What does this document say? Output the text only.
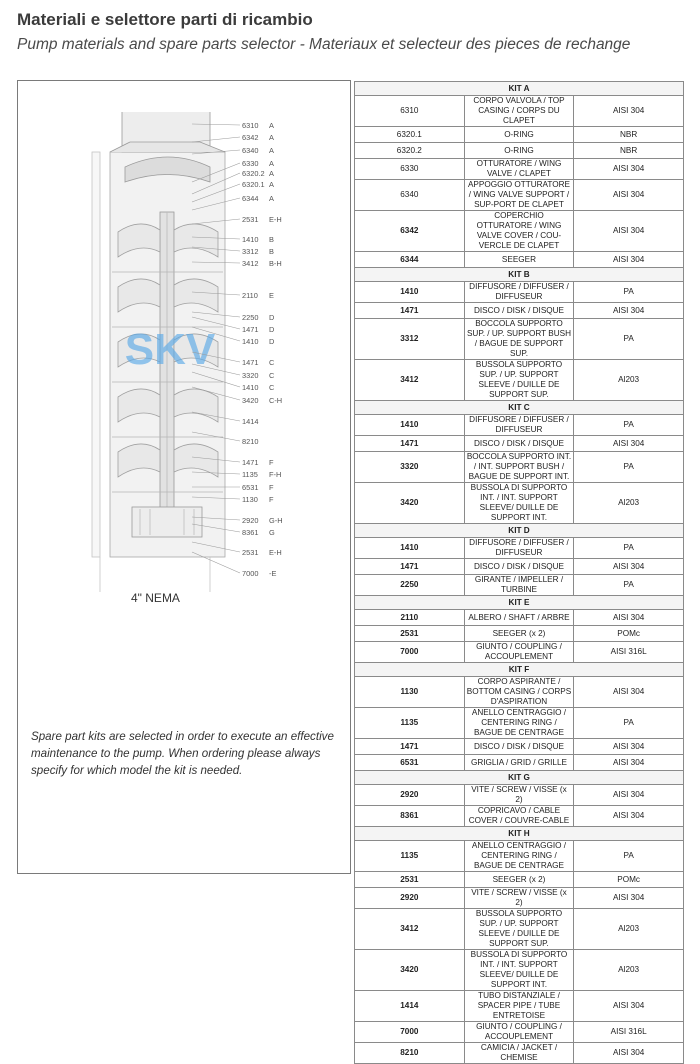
Materiali e selettore parti di ricambio
Pump materials and spare parts selector - Materiaux et selecteur des pieces de rechange
SKV
6310 A
6342 A
6340 A
6330 A
6320.2 A
6320.1 A
6344 A
2531 E-H
1410 B
3312 B
3412 B-H
2110 E
2250 D
1471 D
1410 D
1471 C
3320 C
1410 C
3420 C-H
1414
8210
1471 F
1135 F-H
6531 F
1130 F
2920 G-H
8361 G
2531 E-H
7000 -E
4" NEMA
Spare part kits are selected in order to execute an effective maintenance to the pump. When ordering please always specify for which model the kit is needed.
KIT A		
6310	CORPO VALVOLA / TOP CASING / CORPS DU CLAPET	AISI 304
6320.1	O-RING	NBR
6320.2	O-RING	NBR
6330	OTTURATORE / WING VALVE / CLAPET	AISI 304
6340	APPOGGIO OTTURATORE / WING VALVE SUPPORT / SUP-PORT DE CLAPET	AISI 304
6342	COPERCHIO OTTURATORE / WING VALVE COVER / COU-VERCLE DE CLAPET	AISI 304
6344	SEEGER	AISI 304
KIT B		
1410	DIFFUSORE / DIFFUSER / DIFFUSEUR	PA
1471	DISCO / DISK / DISQUE	AISI 304
3312	BOCCOLA SUPPORTO SUP. / UP. SUPPORT BUSH / BAGUE DE SUPPORT SUP.	PA
3412	BUSSOLA SUPPORTO SUP. / UP. SUPPORT SLEEVE / DUILLE DE SUPPORT SUP.	Al203
KIT C		
1410	DIFFUSORE / DIFFUSER / DIFFUSEUR	PA
1471	DISCO / DISK / DISQUE	AISI 304
3320	BOCCOLA SUPPORTO INT. / INT. SUPPORT BUSH / BAGUE DE SUPPORT INT.	PA
3420	BUSSOLA DI SUPPORTO INT. / INT. SUPPORT SLEEVE/ DUILLE DE SUPPORT INT.	Al203
KIT D		
1410	DIFFUSORE / DIFFUSER / DIFFUSEUR	PA
1471	DISCO / DISK / DISQUE	AISI 304
2250	GIRANTE / IMPELLER / TURBINE	PA
KIT E		
2110	ALBERO / SHAFT / ARBRE	AISI 304
2531	SEEGER (x 2)	POMc
7000	GIUNTO / COUPLING / ACCOUPLEMENT	AISI 316L
KIT F		
1130	CORPO ASPIRANTE / BOTTOM CASING / CORPS D'ASPIRATION	AISI 304
1135	ANELLO CENTRAGGIO / CENTERING RING / BAGUE DE CENTRAGE	PA
1471	DISCO / DISK / DISQUE	AISI 304
6531	GRIGLIA / GRID / GRILLE	AISI 304
KIT G		
2920	VITE / SCREW / VISSE (x 2)	AISI 304
8361	COPRICAVO / CABLE COVER / COUVRE-CABLE	AISI 304
KIT H		
1135	ANELLO CENTRAGGIO / CENTERING RING / BAGUE DE CENTRAGE	PA
2531	SEEGER (x 2)	POMc
2920	VITE / SCREW / VISSE (x 2)	AISI 304
3412	BUSSOLA SUPPORTO SUP. / UP. SUPPORT SLEEVE / DUILLE DE SUPPORT SUP.	Al203
3420	BUSSOLA DI SUPPORTO INT. / INT. SUPPORT SLEEVE/ DUILLE DE SUPPORT INT.	Al203
1414	TUBO DISTANZIALE / SPACER PIPE / TUBE ENTRETOISE	AISI 304
7000	GIUNTO / COUPLING / ACCOUPLEMENT	AISI 316L
8210	CAMICIA / JACKET / CHEMISE	AISI 304
